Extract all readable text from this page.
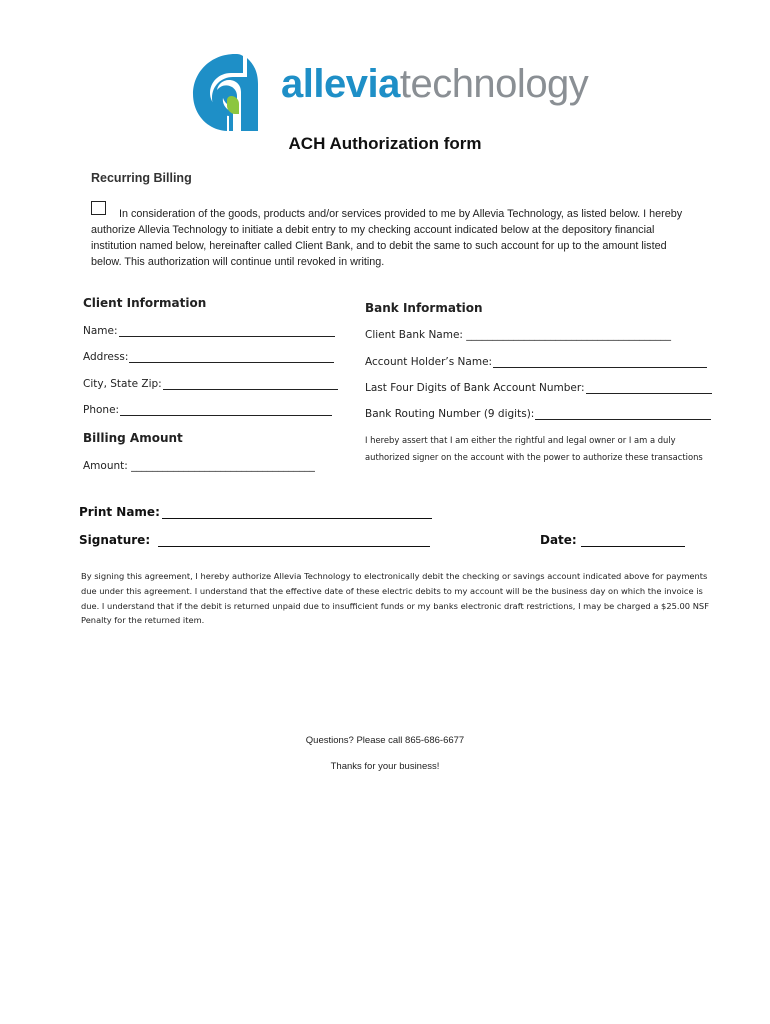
alleviatechnology
ACH Authorization form
Recurring Billing
In consideration of the goods, products and/or services provided to me by Allevia Technology, as listed below. I hereby authorize Allevia Technology to initiate a debit entry to my checking account indicated below at the depository financial institution named below, hereinafter called Client Bank, and to debit the same to such account for up to the amount listed below. This authorization will continue until revoked in writing.
Client Information
Name:
Address:
City, State Zip:
Phone:
Billing Amount
Amount: ___________________________________
Bank Information
Client Bank Name: _______________________________________
Account Holder’s Name:
Last Four Digits of Bank Account Number:
Bank Routing Number (9 digits):
I hereby assert that I am either the rightful and legal owner or I am a duly
authorized signer on the account with the power to authorize these transactions
Print Name:
Signature:	Date:
By signing this agreement, I hereby authorize Allevia Technology to electronically debit the checking or savings account indicated above for payments due under this agreement. I understand that the effective date of these electric debits to my account will be the business day on which the invoice is due. I understand that if the debit is returned unpaid due to insufficient funds or my banks electronic draft restrictions, I may be charged a $25.00 NSF Penalty for the returned item.
Questions? Please call 865-686-6677
Thanks for your business!
